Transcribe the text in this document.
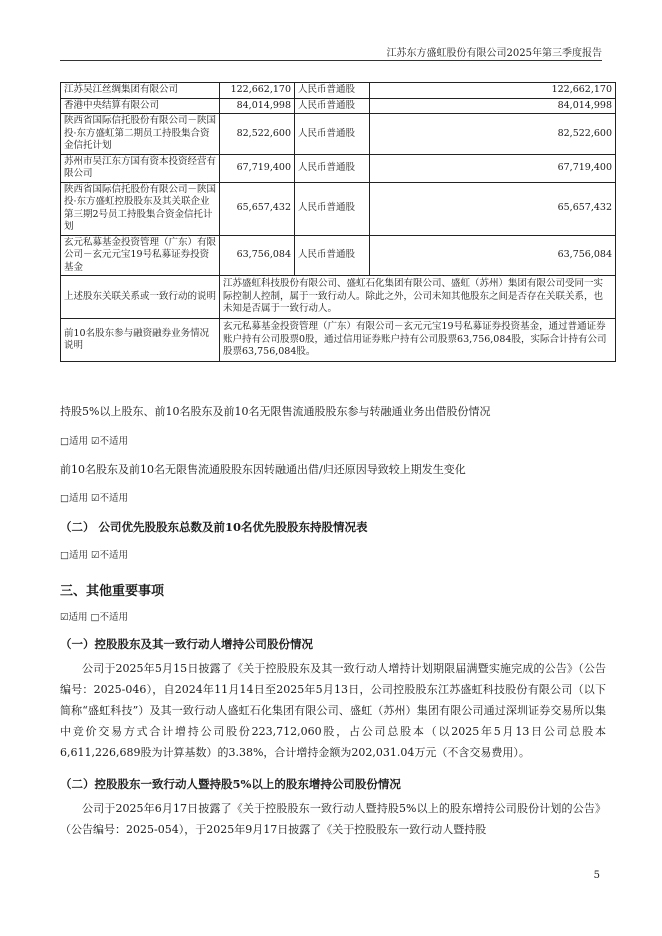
江苏东方盛虹股份有限公司2025年第三季度报告
江苏吴江丝绸集团有限公司	122,662,170	人民币普通股	122,662,170
香港中央结算有限公司	84,014,998	人民币普通股	84,014,998
陕西省国际信托股份有限公司－陕国投·东方盛虹第二期员工持股集合资金信托计划	82,522,600	人民币普通股	82,522,600
苏州市吴江东方国有资本投资经营有限公司	67,719,400	人民币普通股	67,719,400
陕西省国际信托股份有限公司－陕国投·东方盛虹控股股东及其关联企业第三期2号员工持股集合资金信托计划	65,657,432	人民币普通股	65,657,432
玄元私募基金投资管理（广东）有限公司－玄元元宝19号私募证券投资基金	63,756,084	人民币普通股	63,756,084
上述股东关联关系或一致行动的说明	江苏盛虹科技股份有限公司、盛虹石化集团有限公司、盛虹（苏州）集团有限公司受同一实际控制人控制，属于一致行动人。除此之外，公司未知其他股东之间是否存在关联关系，也未知是否属于一致行动人。		
前10名股东参与融资融券业务情况说明	玄元私募基金投资管理（广东）有限公司－玄元元宝19号私募证券投资基金，通过普通证券账户持有公司股票0股，通过信用证券账户持有公司股票63,756,084股，实际合计持有公司股票63,756,084股。		
持股5%以上股东、前10名股东及前10名无限售流通股股东参与转融通业务出借股份情况
□适用 ☑不适用
前10名股东及前10名无限售流通股股东因转融通出借/归还原因导致较上期发生变化
□适用 ☑不适用
（二） 公司优先股股东总数及前10名优先股股东持股情况表
□适用 ☑不适用
三、其他重要事项
☑适用 □不适用
（一）控股股东及其一致行动人增持公司股份情况
公司于2025年5月15日披露了《关于控股股东及其一致行动人增持计划期限届满暨实施完成的公告》（公告编号：2025-046），自2024年11月14日至2025年5月13日，公司控股股东江苏盛虹科技股份有限公司（以下简称“盛虹科技”）及其一致行动人盛虹石化集团有限公司、盛虹（苏州）集团有限公司通过深圳证券交易所以集中竞价交易方式合计增持公司股份223,712,060股，占公司总股本（以2025年5月13日公司总股本6,611,226,689股为计算基数）的3.38%，合计增持金额为202,031.04万元（不含交易费用）。
（二）控股股东一致行动人暨持股5%以上的股东增持公司股份情况
公司于2025年6月17日披露了《关于控股股东一致行动人暨持股5%以上的股东增持公司股份计划的公告》（公告编号：2025-054），于2025年9月17日披露了《关于控股股东一致行动人暨持股
5
